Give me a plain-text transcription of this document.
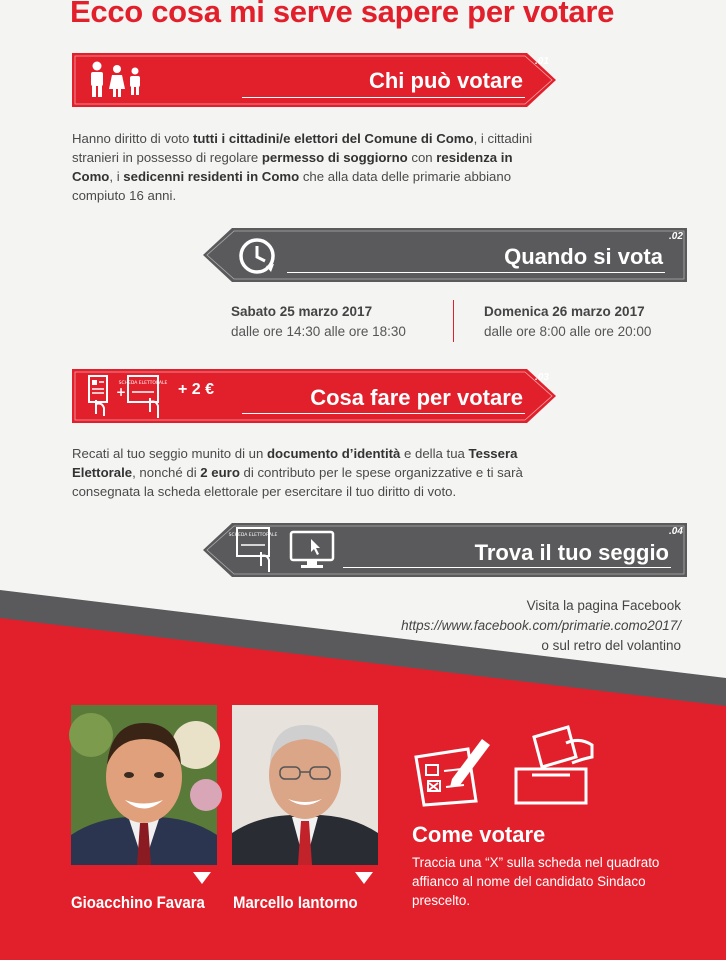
Ecco cosa mi serve sapere per votare
.01
Chi può votare
Hanno diritto di voto tutti i cittadini/e elettori del Comune di Como, i cittadini stranieri in possesso di regolare permesso di soggiorno con residenza in Como, i sedicenni residenti in Como che alla data delle primarie abbiano compiuto 16 anni.
.02
Quando si vota
Sabato 25 marzo 2017
dalle ore 14:30 alle ore 18:30
Domenica 26 marzo 2017
dalle ore 8:00 alle ore 20:00
+
SCHEDA ELETTORALE + 2 €
.03
Cosa fare per votare
Recati al tuo seggio munito di un documento d’identità e della tua Tessera Elettorale, nonché di 2 euro di contributo per le spese organizzative e ti sarà consegnata la scheda elettorale per esercitare il tuo diritto di voto.
SCHEDA ELETTORALE	.04
Trova il tuo seggio
Visita la pagina Facebook
https://www.facebook.com/primarie.como2017/
o sul retro del volantino
Gioacchino Favara Marcello Iantorno
Come votare
Traccia una “X” sulla scheda nel quadrato affianco al nome del candidato Sindaco prescelto.
